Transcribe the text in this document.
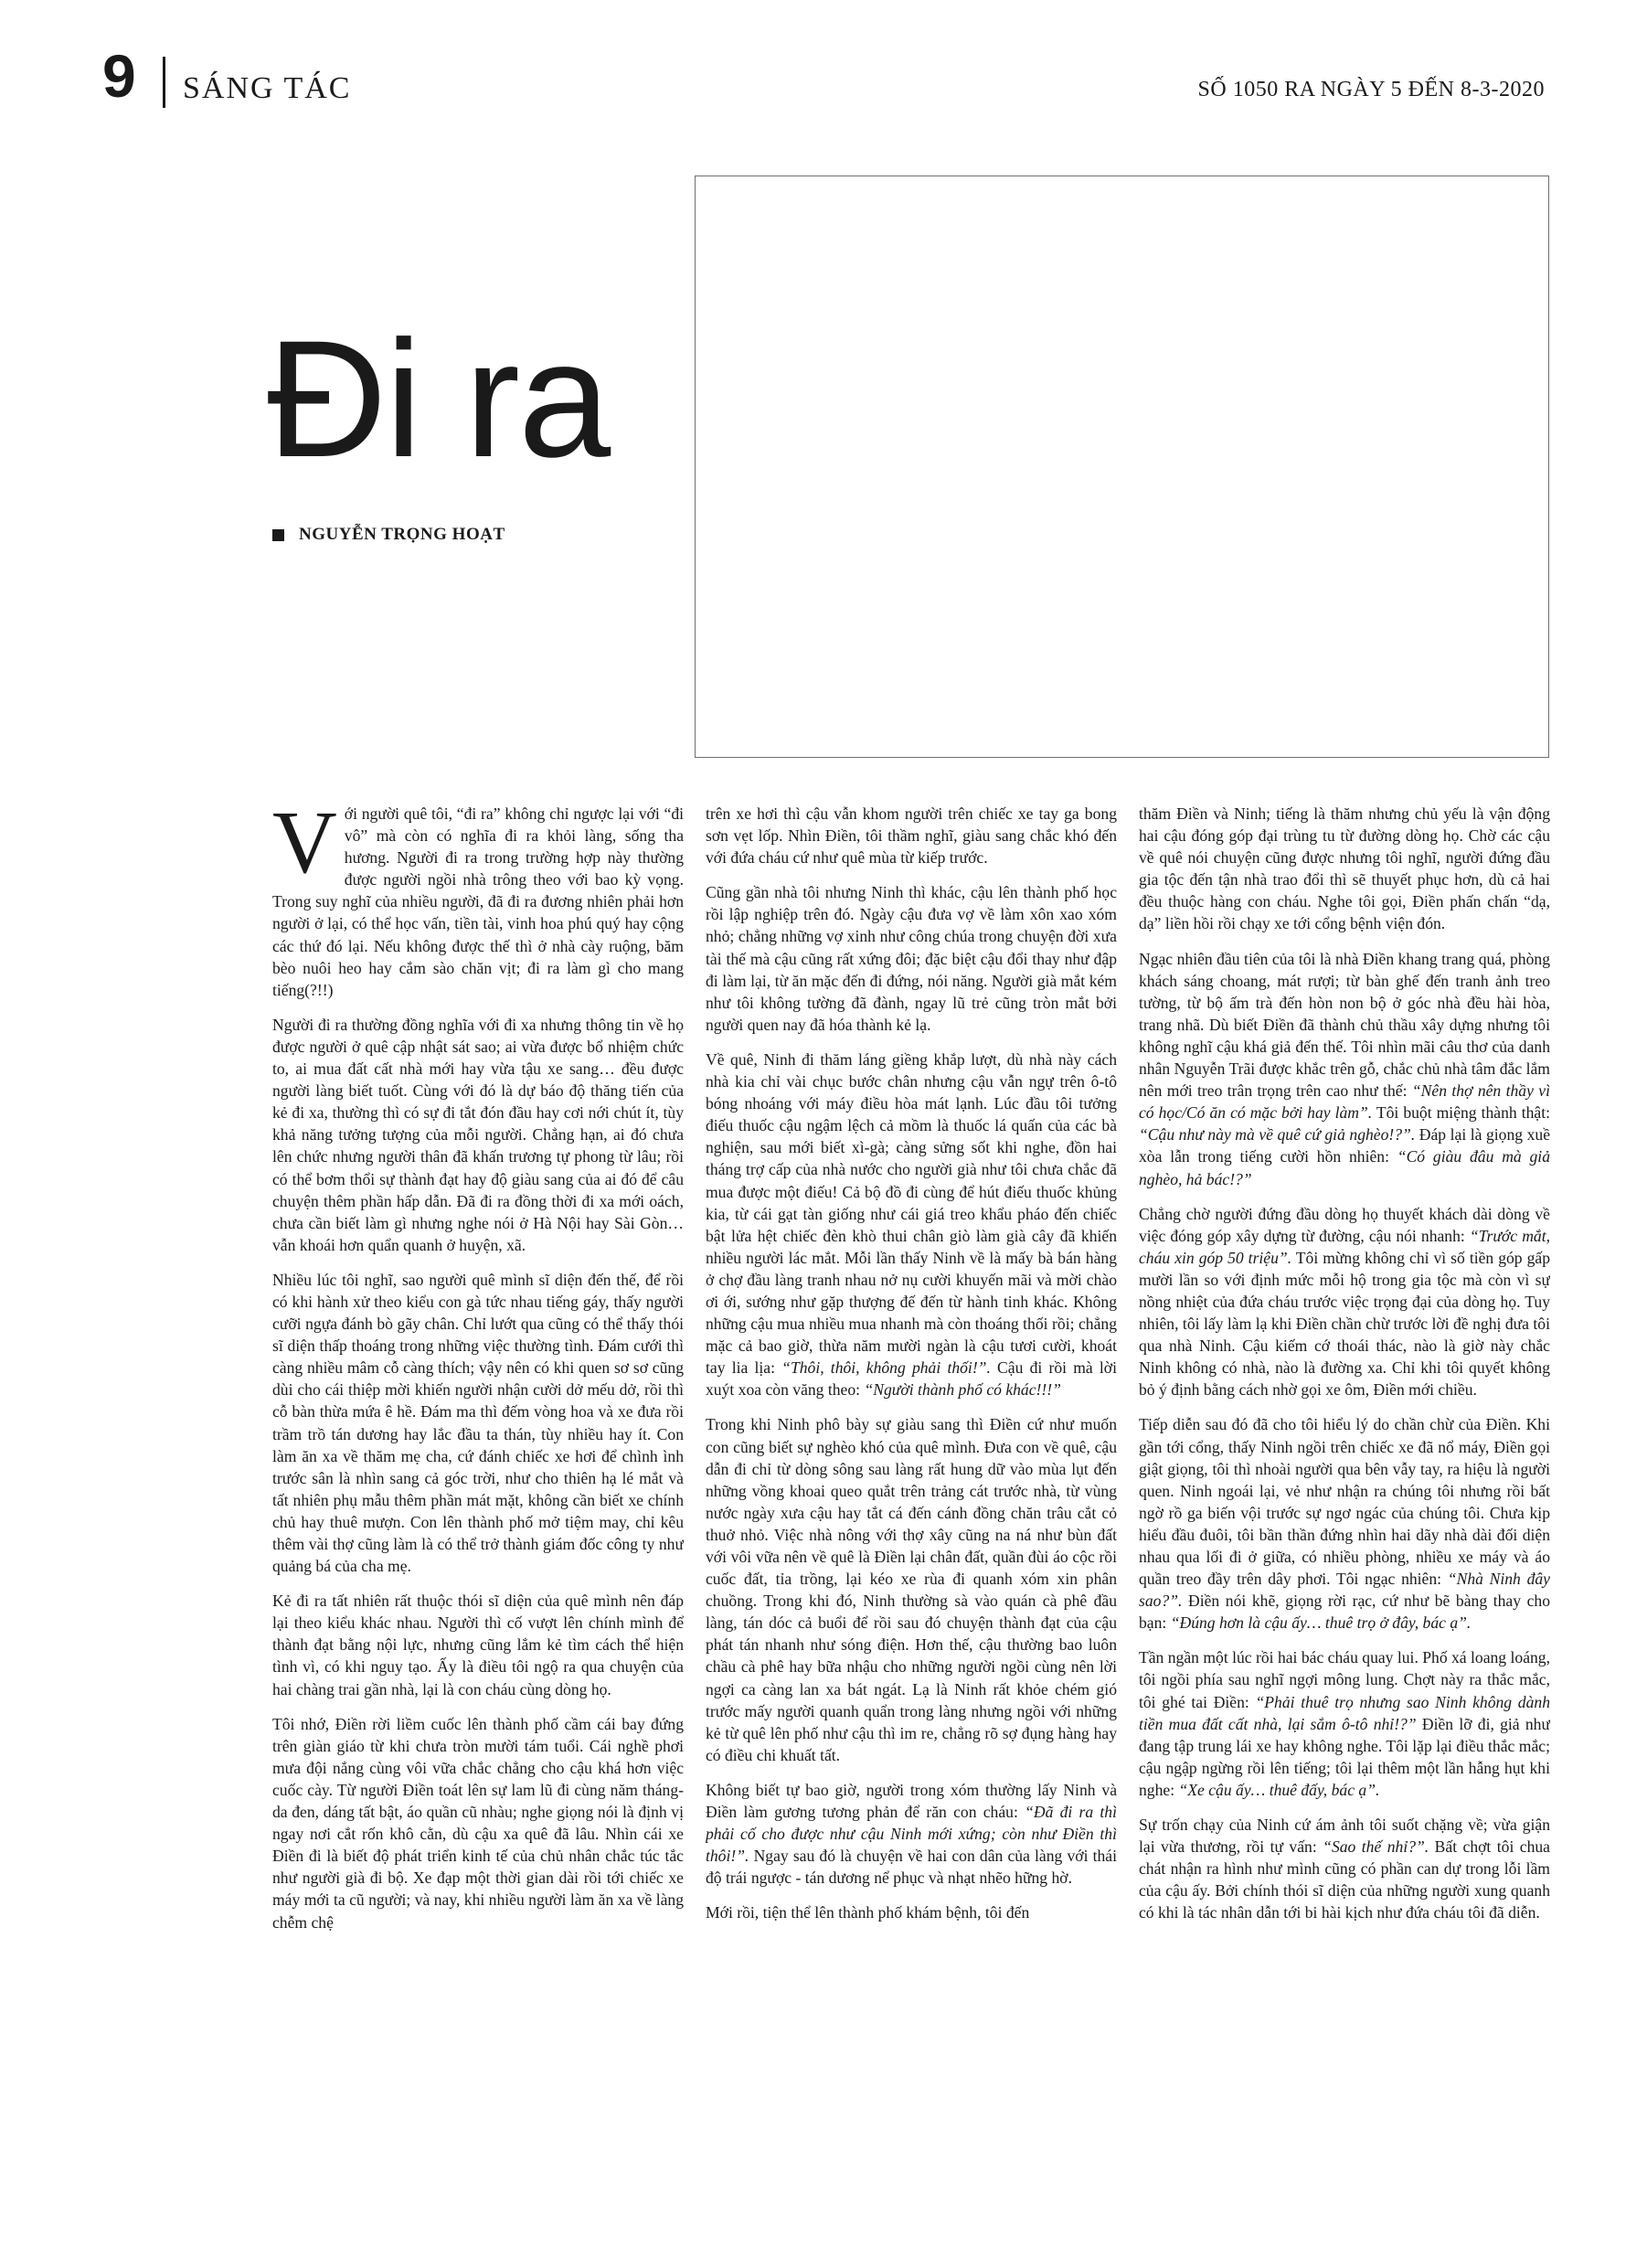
9 SÁNG TÁC	SỐ 1050 RA NGÀY 5 ĐẾN 8-3-2020
Đi ra
NGUYỄN TRỌNG HOẠT

Với người quê tôi, “đi ra” không chỉ ngược lại với “đi vô” mà còn có nghĩa đi ra khỏi làng, sống tha hương. Người đi ra trong trường hợp này thường được người ngồi nhà trông theo với bao kỳ vọng. Trong suy nghĩ của nhiều người, đã đi ra đương nhiên phải hơn người ở lại, có thể học vấn, tiền tài, vinh hoa phú quý hay cộng các thứ đó lại. Nếu không được thế thì ở nhà cày ruộng, băm bèo nuôi heo hay cắm sào chăn vịt; đi ra làm gì cho mang tiếng(?!!)

Người đi ra thường đồng nghĩa với đi xa nhưng thông tin về họ được người ở quê cập nhật sát sao; ai vừa được bổ nhiệm chức to, ai mua đất cất nhà mới hay vừa tậu xe sang… đều được người làng biết tuốt. Cùng với đó là dự báo độ thăng tiến của kẻ đi xa, thường thì có sự đi tắt đón đầu hay cơi nới chút ít, tùy khả năng tưởng tượng của mỗi người. Chẳng hạn, ai đó chưa lên chức nhưng người thân đã khấn trương tự phong từ lâu; rồi có thể bơm thổi sự thành đạt hay độ giàu sang của ai đó để câu chuyện thêm phần hấp dẫn. Đã đi ra đồng thời đi xa mới oách, chưa cần biết làm gì nhưng nghe nói ở Hà Nội hay Sài Gòn… vẫn khoái hơn quẩn quanh ở huyện, xã.

Nhiều lúc tôi nghĩ, sao người quê mình sĩ diện đến thế, để rồi có khi hành xử theo kiểu con gà tức nhau tiếng gáy, thấy người cưỡi ngựa đánh bò gãy chân. Chỉ lướt qua cũng có thể thấy thói sĩ diện thấp thoáng trong những việc thường tình. Đám cưới thì càng nhiều mâm cỗ càng thích; vậy nên có khi quen sơ sơ cũng dùi cho cái thiệp mời khiến người nhận cười dở mếu dở, rồi thì cỗ bàn thừa mứa ê hề. Đám ma thì đếm vòng hoa và xe đưa rồi trầm trồ tán dương hay lắc đầu ta thán, tùy nhiều hay ít. Con làm ăn xa về thăm mẹ cha, cứ đánh chiếc xe hơi để chình ình trước sân là nhìn sang cả góc trời, như cho thiên hạ lé mắt và tất nhiên phụ mẫu thêm phần mát mặt, không cần biết xe chính chủ hay thuê mượn. Con lên thành phố mở tiệm may, chỉ kêu thêm vài thợ cũng làm là có thể trở thành giám đốc công ty như quảng bá của cha mẹ.

Kẻ đi ra tất nhiên rất thuộc thói sĩ diện của quê mình nên đáp lại theo kiểu khác nhau. Người thì cố vượt lên chính mình để thành đạt bằng nội lực, nhưng cũng lắm kẻ tìm cách thể hiện tình vì, có khi nguy tạo. Ấy là điều tôi ngộ ra qua chuyện của hai chàng trai gần nhà, lại là con cháu cùng dòng họ.

Tôi nhớ, Điền rời liềm cuốc lên thành phố cầm cái bay đứng trên giàn giáo từ khi chưa tròn mười tám tuổi. Cái nghề phơi mưa đội nắng cùng vôi vữa chắc chẳng cho cậu khá hơn việc cuốc cày. Từ người Điền toát lên sự lam lũ đi cùng năm tháng- da đen, dáng tất bật, áo quần cũ nhàu; nghe giọng nói là định vị ngay nơi cắt rốn khô cằn, dù cậu xa quê đã lâu. Nhìn cái xe Điền đi là biết độ phát triển kinh tế của chủ nhân chắc túc tắc như người già đi bộ. Xe đạp một thời gian dài rồi tới chiếc xe máy mới ta cũ người; và nay, khi nhiều người làm ăn xa về làng chễm chệ

trên xe hơi thì cậu vẫn khom người trên chiếc xe tay ga bong sơn vẹt lốp. Nhìn Điền, tôi thầm nghĩ, giàu sang chắc khó đến với đứa cháu cứ như quê mùa từ kiếp trước.

Cũng gần nhà tôi nhưng Ninh thì khác, cậu lên thành phố học rồi lập nghiệp trên đó. Ngày cậu đưa vợ về làm xôn xao xóm nhỏ; chẳng những vợ xinh như công chúa trong chuyện đời xưa tài thế mà cậu cũng rất xứng đôi; đặc biệt cậu đổi thay như đập đi làm lại, từ ăn mặc đến đi đứng, nói năng. Người già mắt kém như tôi không tường đã đành, ngay lũ trẻ cũng tròn mắt bởi người quen nay đã hóa thành kẻ lạ.

Về quê, Ninh đi thăm láng giềng khắp lượt, dù nhà này cách nhà kia chỉ vài chục bước chân nhưng cậu vẫn ngự trên ô-tô bóng nhoáng với máy điều hòa mát lạnh. Lúc đầu tôi tưởng điếu thuốc cậu ngậm lệch cả mồm là thuốc lá quấn của các bà nghiện, sau mới biết xì-gà; càng sửng sốt khi nghe, đồn hai tháng trợ cấp của nhà nước cho người già như tôi chưa chắc đã mua được một điếu! Cả bộ đồ đi cùng để hút điếu thuốc khủng kia, từ cái gạt tàn giống như cái giá treo khẩu pháo đến chiếc bật lửa hệt chiếc đèn khò thui chân giò làm già cây đã khiến nhiều người lác mắt. Mỗi lần thấy Ninh về là mấy bà bán hàng ở chợ đầu làng tranh nhau nở nụ cười khuyến mãi và mời chào ơi ới, sướng như gặp thượng đế đến từ hành tinh khác. Không những cậu mua nhiều mua nhanh mà còn thoáng thối rồi; chẳng mặc cả bao giờ, thừa năm mười ngàn là cậu tươi cười, khoát tay lia lịa: “Thôi, thôi, không phải thối!”. Cậu đi rồi mà lời xuýt xoa còn văng theo: “Người thành phố có khác!!!”

Trong khi Ninh phô bày sự giàu sang thì Điền cứ như muốn con cũng biết sự nghèo khó của quê mình. Đưa con về quê, cậu dẫn đi chỉ từ dòng sông sau làng rất hung dữ vào mùa lụt đến những vồng khoai queo quắt trên trảng cát trước nhà, từ vùng nước ngày xưa cậu hay tắt cá đến cánh đồng chăn trâu cắt cỏ thuở nhỏ. Việc nhà nông với thợ xây cũng na ná như bùn đất với vôi vữa nên về quê là Điền lại chân đất, quần đùi áo cộc rồi cuốc đất, tỉa trồng, lại kéo xe rùa đi quanh xóm xin phân chuồng. Trong khi đó, Ninh thường sà vào quán cà phê đầu làng, tán dóc cả buổi để rồi sau đó chuyện thành đạt của cậu phát tán nhanh như sóng điện. Hơn thế, cậu thường bao luôn chầu cà phê hay bữa nhậu cho những người ngồi cùng nên lời ngợi ca càng lan xa bát ngát. Lạ là Ninh rất khỏe chém gió trước mấy người quanh quẩn trong làng nhưng ngồi với những kẻ từ quê lên phố như cậu thì im re, chẳng rõ sợ đụng hàng hay có điều chi khuất tất.

Không biết tự bao giờ, người trong xóm thường lấy Ninh và Điền làm gương tương phản để răn con cháu: “Đã đi ra thì phải cố cho được như cậu Ninh mới xứng; còn như Điền thì thôi!”. Ngay sau đó là chuyện về hai con dân của làng với thái độ trái ngược - tán dương nể phục và nhạt nhẽo hững hờ.

Mới rồi, tiện thể lên thành phố khám bệnh, tôi đến

thăm Điền và Ninh; tiếng là thăm nhưng chủ yếu là vận động hai cậu đóng góp đại trùng tu từ đường dòng họ. Chờ các cậu về quê nói chuyện cũng được nhưng tôi nghĩ, người đứng đầu gia tộc đến tận nhà trao đổi thì sẽ thuyết phục hơn, dù cả hai đều thuộc hàng con cháu. Nghe tôi gọi, Điền phấn chấn “dạ, dạ” liền hồi rồi chạy xe tới cổng bệnh viện đón.

Ngạc nhiên đầu tiên của tôi là nhà Điền khang trang quá, phòng khách sáng choang, mát rượi; từ bàn ghế đến tranh ảnh treo tường, từ bộ ấm trà đến hòn non bộ ở góc nhà đều hài hòa, trang nhã. Dù biết Điền đã thành chủ thầu xây dựng nhưng tôi không nghĩ cậu khá giả đến thế. Tôi nhìn mãi câu thơ của danh nhân Nguyễn Trãi được khắc trên gỗ, chắc chủ nhà tâm đắc lắm nên mới treo trân trọng trên cao như thế: “Nên thợ nên thầy vì có học/Có ăn có mặc bởi hay làm”. Tôi buột miệng thành thật: “Cậu như này mà về quê cứ giả nghèo!?”. Đáp lại là giọng xuề xòa lẫn trong tiếng cười hồn nhiên: “Có giàu đâu mà giả nghèo, hả bác!?”

Chẳng chờ người đứng đầu dòng họ thuyết khách dài dòng về việc đóng góp xây dựng từ đường, cậu nói nhanh: “Trước mắt, cháu xin góp 50 triệu”. Tôi mừng không chỉ vì số tiền góp gấp mười lần so với định mức mỗi hộ trong gia tộc mà còn vì sự nồng nhiệt của đứa cháu trước việc trọng đại của dòng họ. Tuy nhiên, tôi lấy làm lạ khi Điền chần chừ trước lời đề nghị đưa tôi qua nhà Ninh. Cậu kiếm cớ thoái thác, nào là giờ này chắc Ninh không có nhà, nào là đường xa. Chỉ khi tôi quyết không bỏ ý định bằng cách nhờ gọi xe ôm, Điền mới chiều.

Tiếp diễn sau đó đã cho tôi hiểu lý do chần chừ của Điền. Khi gần tới cổng, thấy Ninh ngồi trên chiếc xe đã nổ máy, Điền gọi giật giọng, tôi thì nhoài người qua bên vẫy tay, ra hiệu là người quen. Ninh ngoái lại, vẻ như nhận ra chúng tôi nhưng rồi bất ngờ rồ ga biến vội trước sự ngơ ngác của chúng tôi. Chưa kịp hiểu đầu đuôi, tôi bần thần đứng nhìn hai dãy nhà dài đối diện nhau qua lối đi ở giữa, có nhiều phòng, nhiều xe máy và áo quần treo đầy trên dây phơi. Tôi ngạc nhiên: “Nhà Ninh đây sao?”. Điền nói khẽ, giọng rời rạc, cứ như bẽ bàng thay cho bạn: “Đúng hơn là cậu ấy… thuê trọ ở đây, bác ạ”.

Tần ngần một lúc rồi hai bác cháu quay lui. Phố xá loang loáng, tôi ngồi phía sau nghĩ ngợi mông lung. Chợt này ra thắc mắc, tôi ghé tai Điền: “Phải thuê trọ nhưng sao Ninh không dành tiền mua đất cất nhà, lại sắm ô-tô nhỉ!?” Điền lỡ đi, giả như đang tập trung lái xe hay không nghe. Tôi lặp lại điều thắc mắc; cậu ngập ngừng rồi lên tiếng; tôi lại thêm một lần hẫng hụt khi nghe: “Xe cậu ấy… thuê đấy, bác ạ”.

Sự trốn chạy của Ninh cứ ám ảnh tôi suốt chặng về; vừa giận lại vừa thương, rồi tự vấn: “Sao thế nhỉ?”. Bất chợt tôi chua chát nhận ra hình như mình cũng có phần can dự trong lỗi lầm của cậu ấy. Bởi chính thói sĩ diện của những người xung quanh có khi là tác nhân dẫn tới bi hài kịch như đứa cháu tôi đã diễn.
